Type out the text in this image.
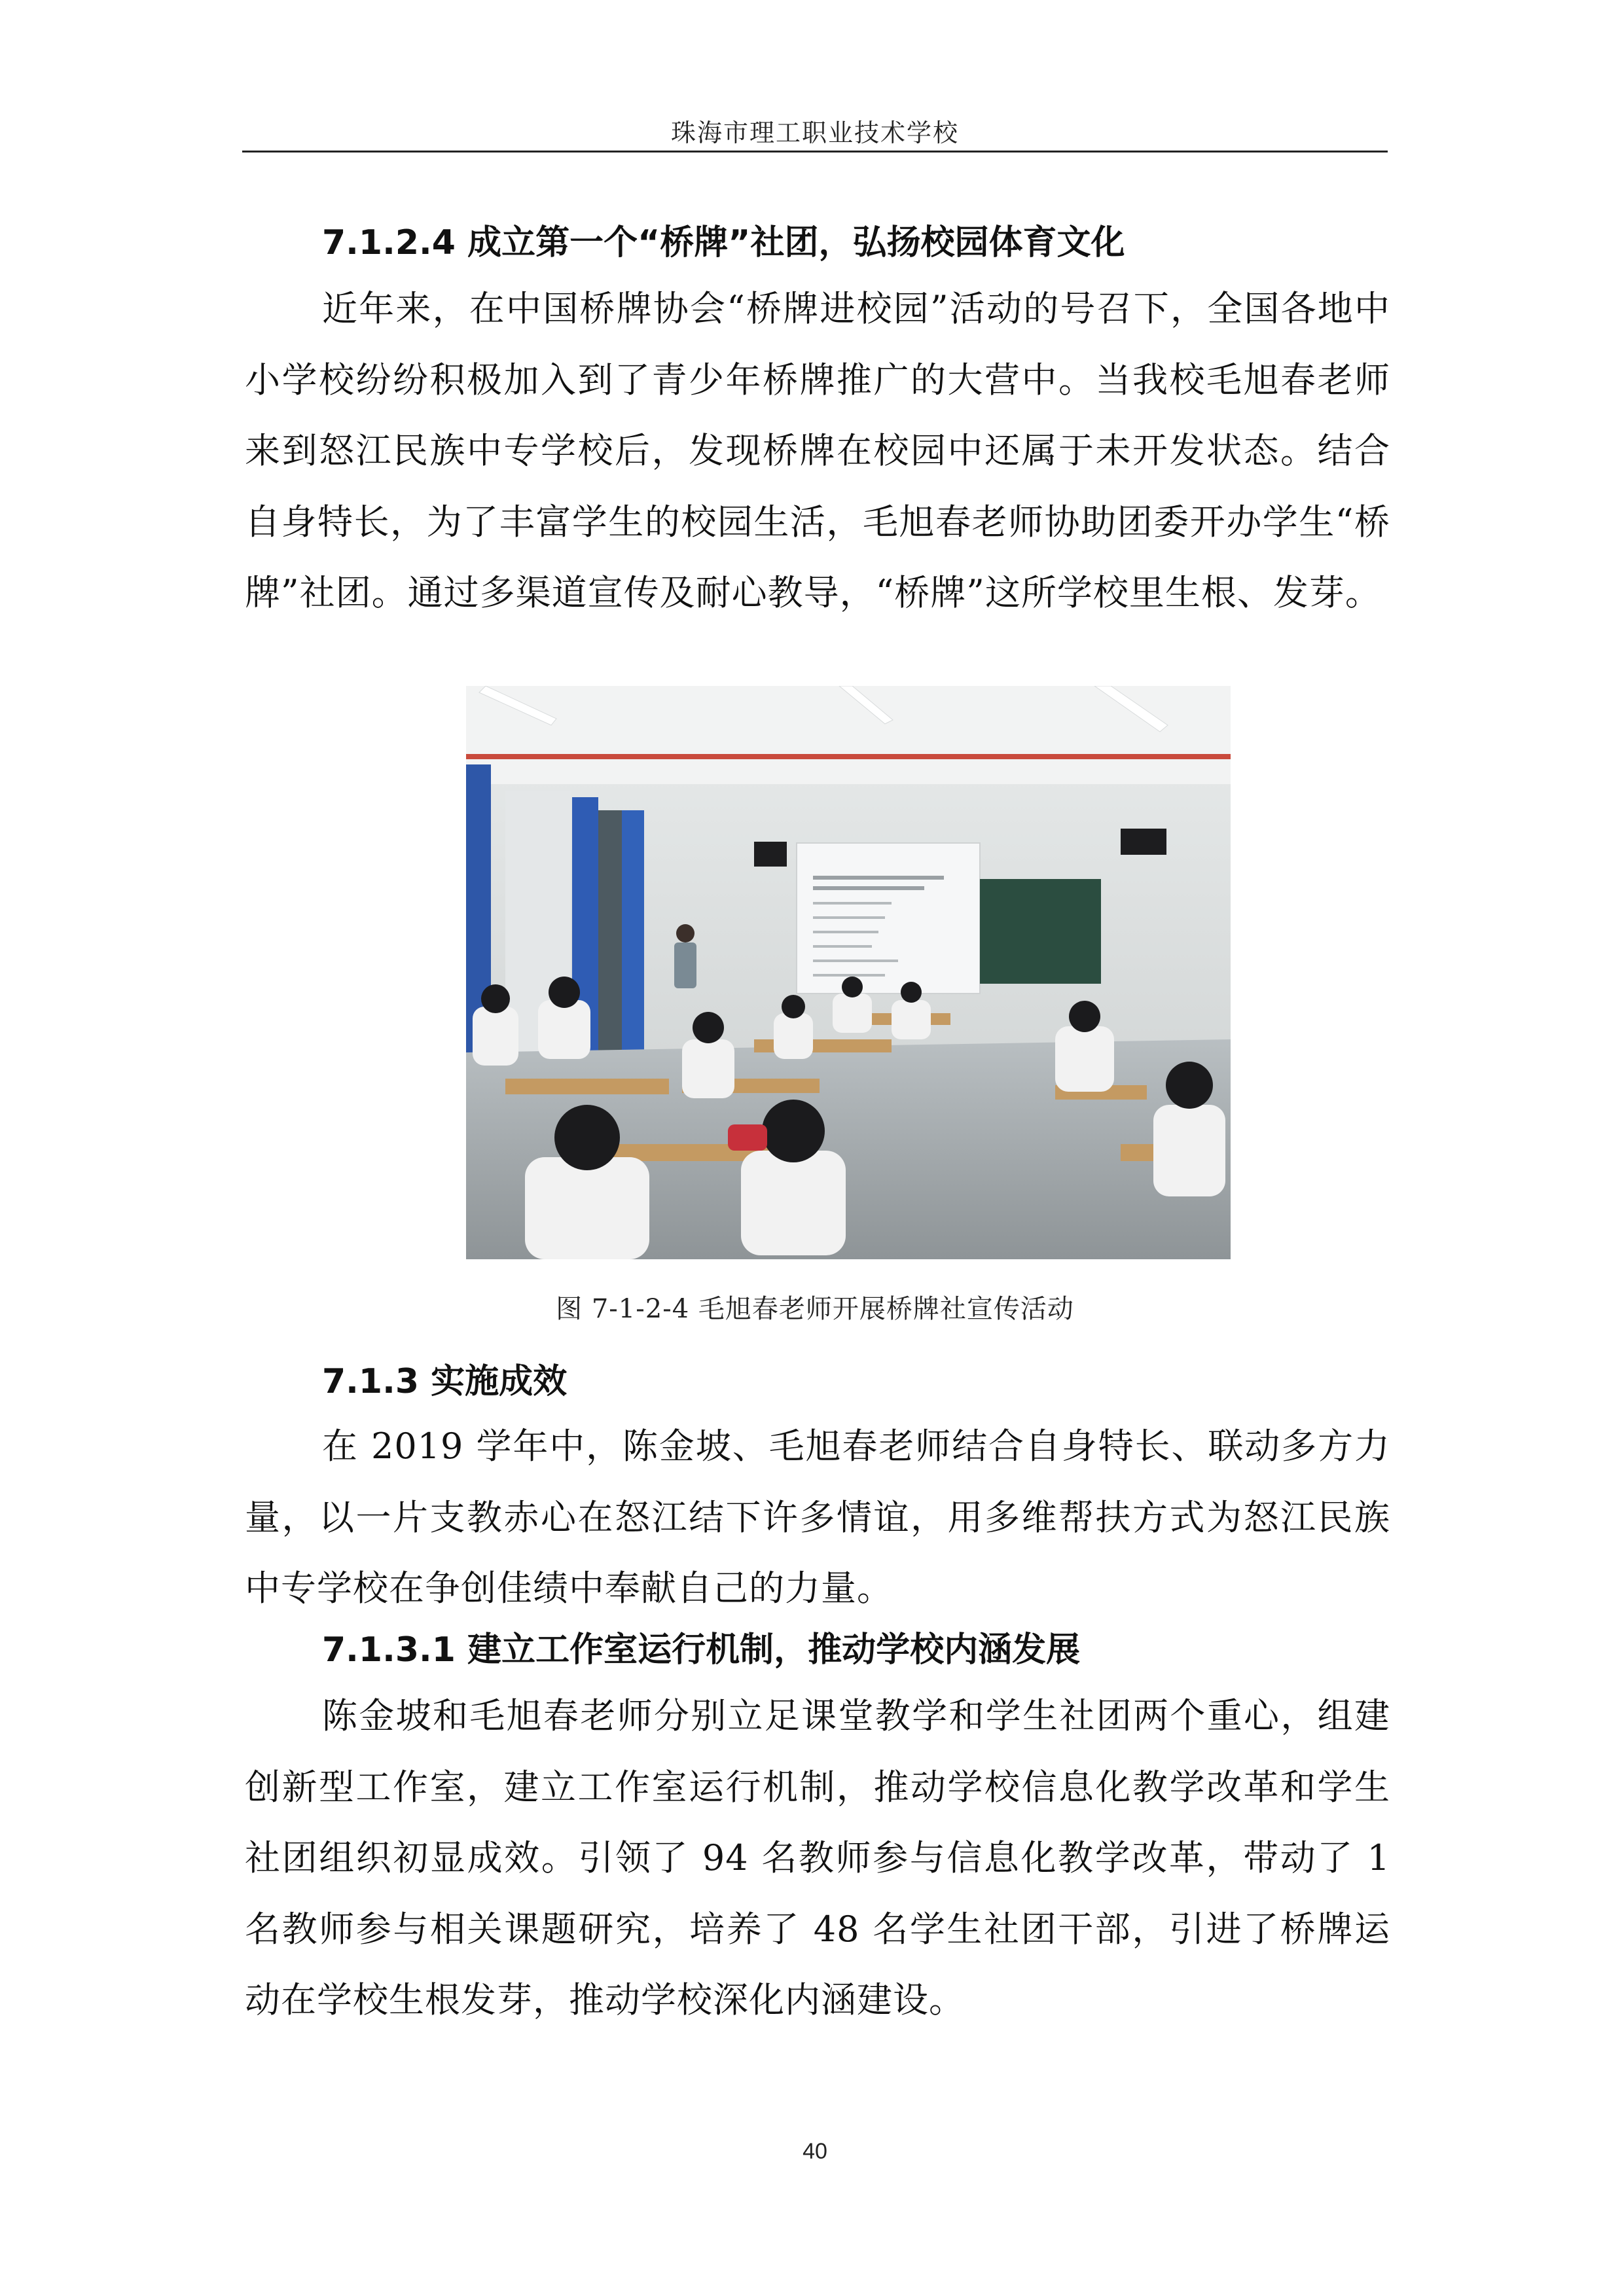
珠海市理工职业技术学校
7.1.2.4 成立第一个“桥牌”社团，弘扬校园体育文化

近年来，在中国桥牌协会“桥牌进校园”活动的号召下，全国各地中小学校纷纷积极加入到了青少年桥牌推广的大营中。当我校毛旭春老师来到怒江民族中专学校后，发现桥牌在校园中还属于未开发状态。结合自身特长，为了丰富学生的校园生活，毛旭春老师协助团委开办学生“桥牌”社团。通过多渠道宣传及耐心教导，“桥牌”这所学校里生根、发芽。

图 7-1-2-4 毛旭春老师开展桥牌社宣传活动
7.1.3 实施成效

在 2019 学年中，陈金坡、毛旭春老师结合自身特长、联动多方力量，以一片支教赤心在怒江结下许多情谊，用多维帮扶方式为怒江民族中专学校在争创佳绩中奉献自己的力量。

7.1.3.1 建立工作室运行机制，推动学校内涵发展

陈金坡和毛旭春老师分别立足课堂教学和学生社团两个重心，组建创新型工作室，建立工作室运行机制，推动学校信息化教学改革和学生社团组织初显成效。引领了 94 名教师参与信息化教学改革，带动了 1 名教师参与相关课题研究，培养了 48 名学生社团干部，引进了桥牌运动在学校生根发芽，推动学校深化内涵建设。

40
